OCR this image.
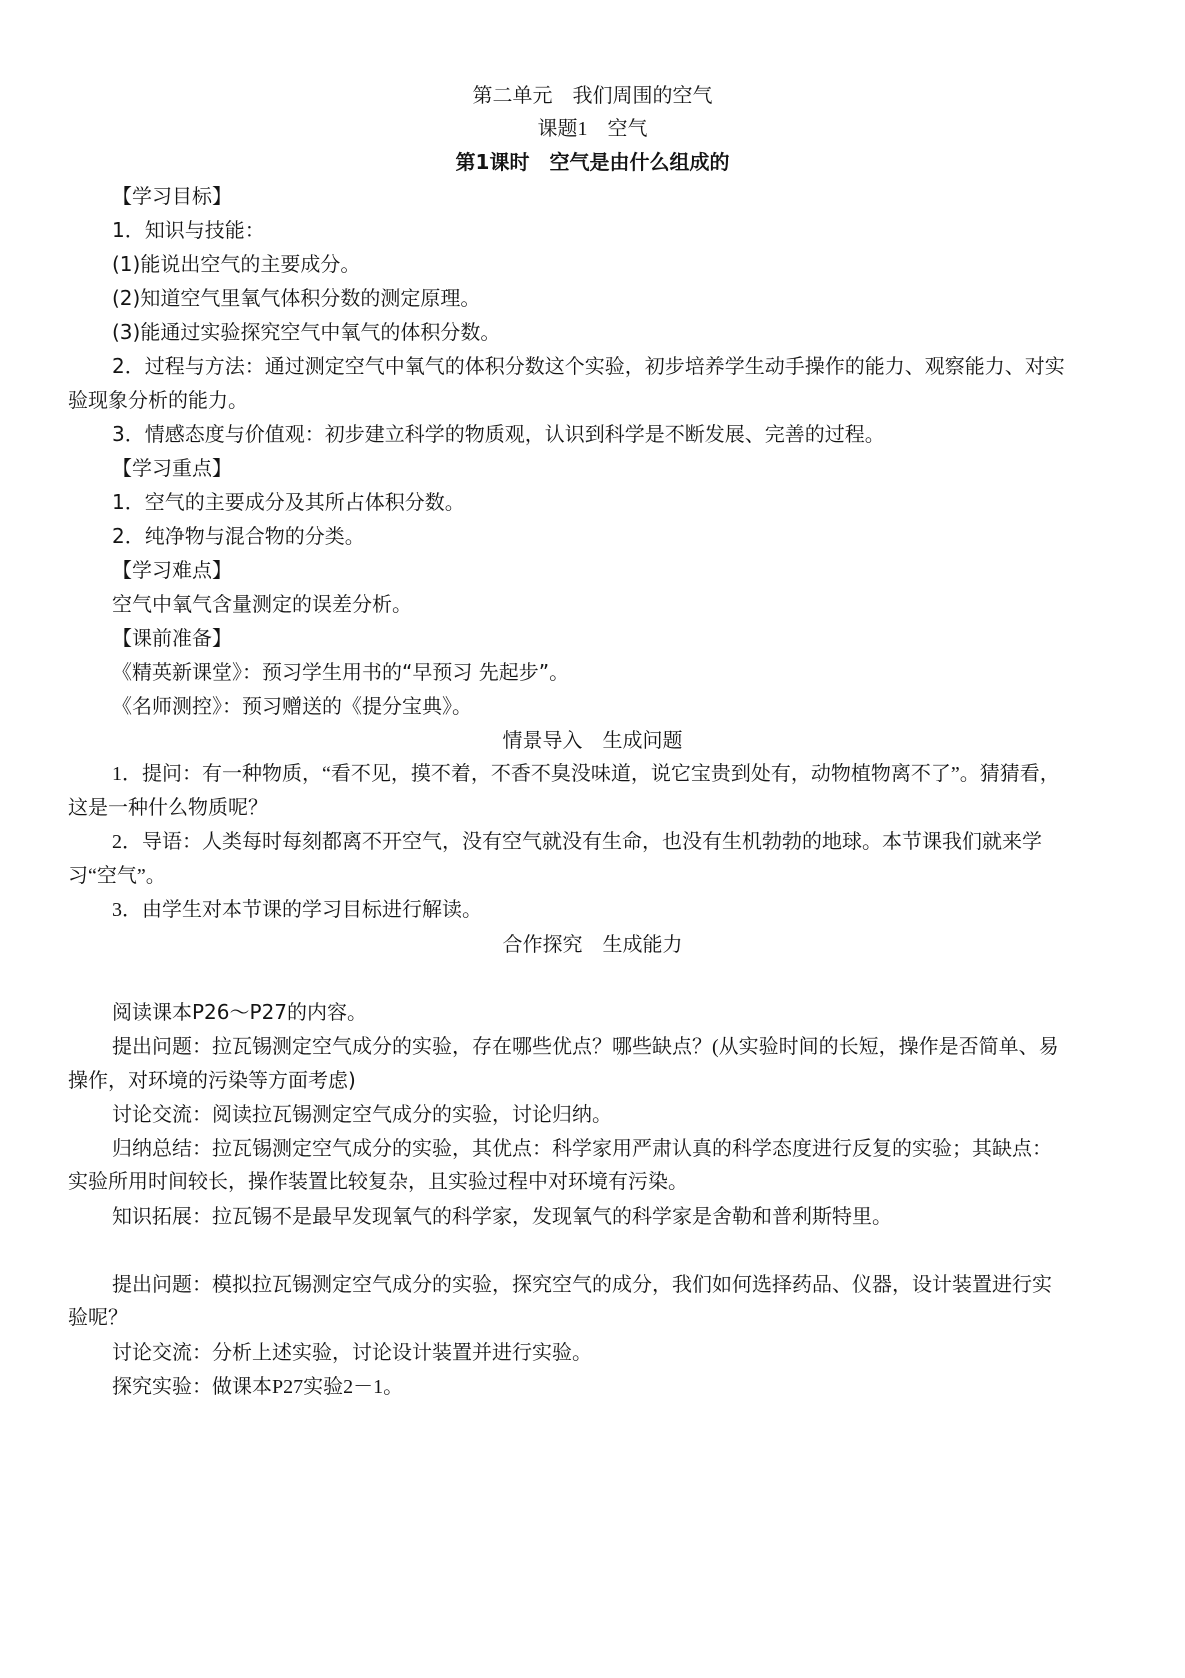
第二单元　我们周围的空气
课题1　空气
第1课时　空气是由什么组成的
【学习目标】
1．知识与技能：
(1)能说出空气的主要成分。
(2)知道空气里氧气体积分数的测定原理。
(3)能通过实验探究空气中氧气的体积分数。
2．过程与方法：通过测定空气中氧气的体积分数这个实验，初步培养学生动手操作的能力、观察能力、对实
验现象分析的能力。
3．情感态度与价值观：初步建立科学的物质观，认识到科学是不断发展、完善的过程。
【学习重点】
1．空气的主要成分及其所占体积分数。
2．纯净物与混合物的分类。
【学习难点】
空气中氧气含量测定的误差分析。
【课前准备】
《精英新课堂》：预习学生用书的“早预习 先起步”。
《名师测控》：预习赠送的《提分宝典》。
情景导入　生成问题
1．提问：有一种物质，“看不见，摸不着，不香不臭没味道，说它宝贵到处有，动物植物离不了”。猜猜看，
这是一种什么物质呢？
2．导语：人类每时每刻都离不开空气，没有空气就没有生命，也没有生机勃勃的地球。本节课我们就来学
习“空气”。
3．由学生对本节课的学习目标进行解读。
合作探究　生成能力
阅读课本P26～P27的内容。
提出问题：拉瓦锡测定空气成分的实验，存在哪些优点？哪些缺点？(从实验时间的长短，操作是否简单、易
操作，对环境的污染等方面考虑)
讨论交流：阅读拉瓦锡测定空气成分的实验，讨论归纳。
归纳总结：拉瓦锡测定空气成分的实验，其优点：科学家用严肃认真的科学态度进行反复的实验；其缺点：
实验所用时间较长，操作装置比较复杂，且实验过程中对环境有污染。
知识拓展：拉瓦锡不是最早发现氧气的科学家，发现氧气的科学家是舍勒和普利斯特里。
提出问题：模拟拉瓦锡测定空气成分的实验，探究空气的成分，我们如何选择药品、仪器，设计装置进行实
验呢？
讨论交流：分析上述实验，讨论设计装置并进行实验。
探究实验：做课本P27实验2－1。
